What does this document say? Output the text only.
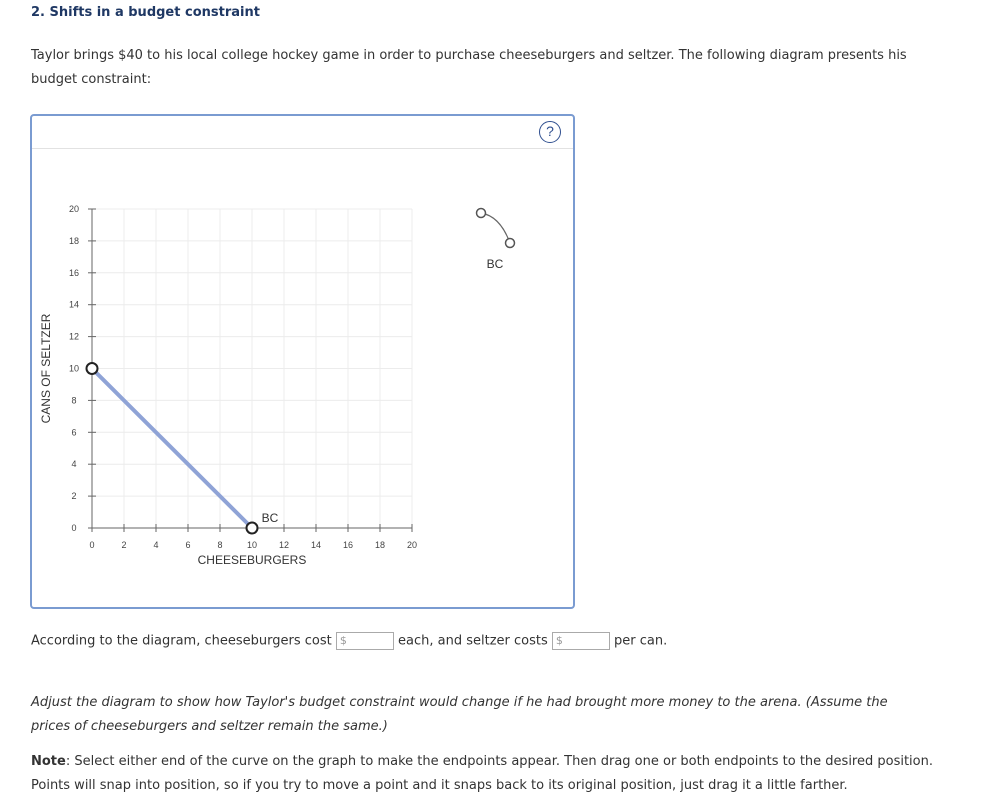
2. Shifts in a budget constraint
Taylor brings $40 to his local college hockey game in order to purchase cheeseburgers and seltzer. The following diagram presents his budget constraint:
?
0	2	4	6	8	10 12 14 16 18 20
0
2
4
6
8
10
12
14
16
18
20
CHEESEBURGERS
CANS OF SELTZER
BC
BC
According to the diagram, cheeseburgers cost $	each, and seltzer costs $	per can.
Adjust the diagram to show how Taylor's budget constraint would change if he had brought more money to the arena. (Assume the prices of cheeseburgers and seltzer remain the same.)
Note: Select either end of the curve on the graph to make the endpoints appear. Then drag one or both endpoints to the desired position. Points will snap into position, so if you try to move a point and it snaps back to its original position, just drag it a little farther.
